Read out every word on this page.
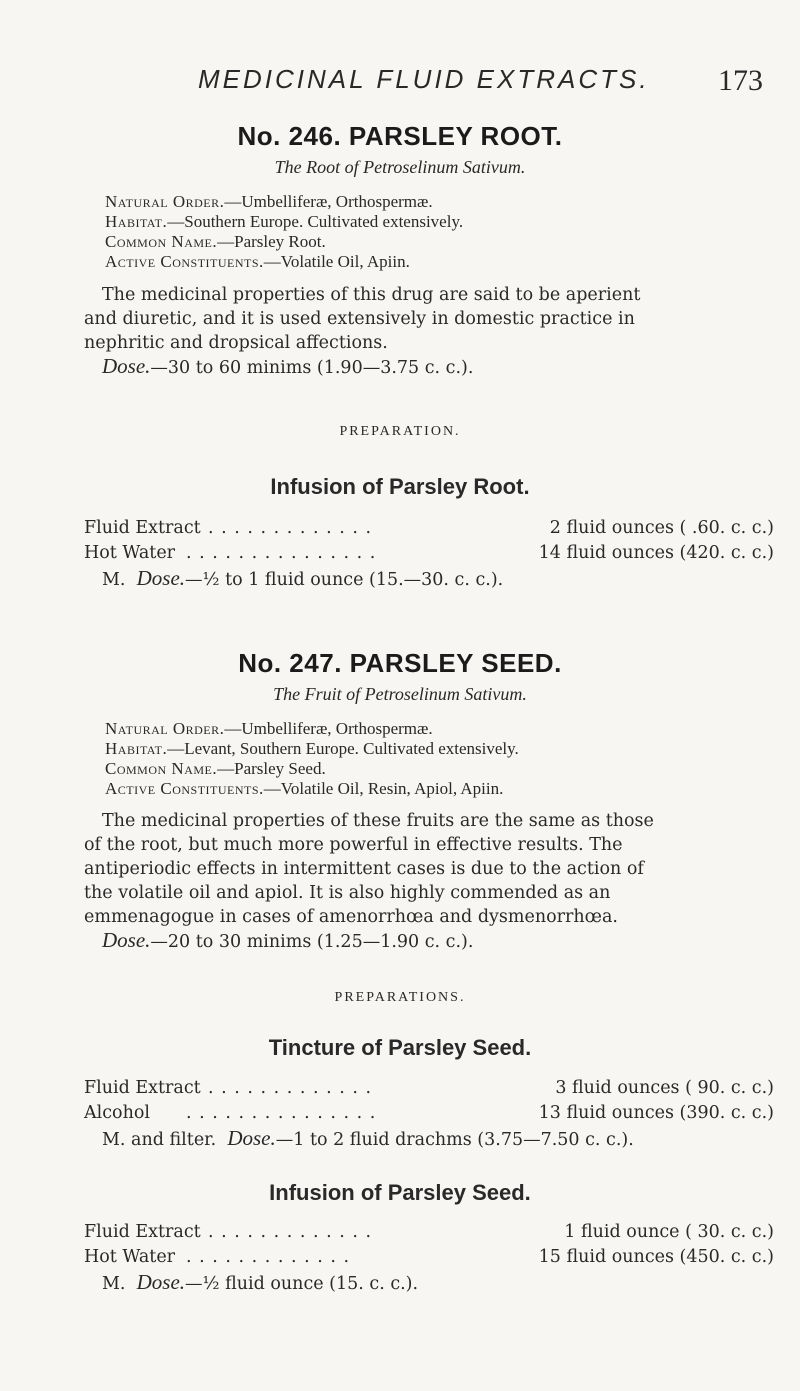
MEDICINAL FLUID EXTRACTS. 173
No. 246. PARSLEY ROOT.
The Root of Petroselinum Sativum.
Natural Order.—Umbelliferæ, Orthospermæ.
Habitat.—Southern Europe. Cultivated extensively.
Common Name.—Parsley Root.
Active Constituents.—Volatile Oil, Apiin.
The medicinal properties of this drug are said to be aperient
and diuretic, and it is used extensively in domestic practice in
nephritic and dropsical affections.
Dose.—30 to 60 minims (1.90—3.75 c. c.).
PREPARATION.
Infusion of Parsley Root.
Fluid Extract . . . . . . . . . . . . .	2 fluid ounces ( .60. c. c.)
Hot Water . . . . . . . . . . . . . . .	14 fluid ounces (420. c. c.)
M. Dose.—½ to 1 fluid ounce (15.—30. c. c.).
No. 247. PARSLEY SEED.
The Fruit of Petroselinum Sativum.
Natural Order.—Umbelliferæ, Orthospermæ.
Habitat.—Levant, Southern Europe. Cultivated extensively.
Common Name.—Parsley Seed.
Active Constituents.—Volatile Oil, Resin, Apiol, Apiin.
The medicinal properties of these fruits are the same as those
of the root, but much more powerful in effective results. The
antiperiodic effects in intermittent cases is due to the action of
the volatile oil and apiol. It is also highly commended as an
emmenagogue in cases of amenorrhœa and dysmenorrhœa.
Dose.—20 to 30 minims (1.25—1.90 c. c.).
PREPARATIONS.
Tincture of Parsley Seed.
Fluid Extract . . . . . . . . . . . . .	3 fluid ounces ( 90. c. c.)
Alcohol . . . . . . . . . . . . . . .	13 fluid ounces (390. c. c.)
M. and filter. Dose.—1 to 2 fluid drachms (3.75—7.50 c. c.).
Infusion of Parsley Seed.
Fluid Extract . . . . . . . . . . . . .	1 fluid ounce ( 30. c. c.)
Hot Water . . . . . . . . . . . . .	15 fluid ounces (450. c. c.)
M. Dose.—½ fluid ounce (15. c. c.).
